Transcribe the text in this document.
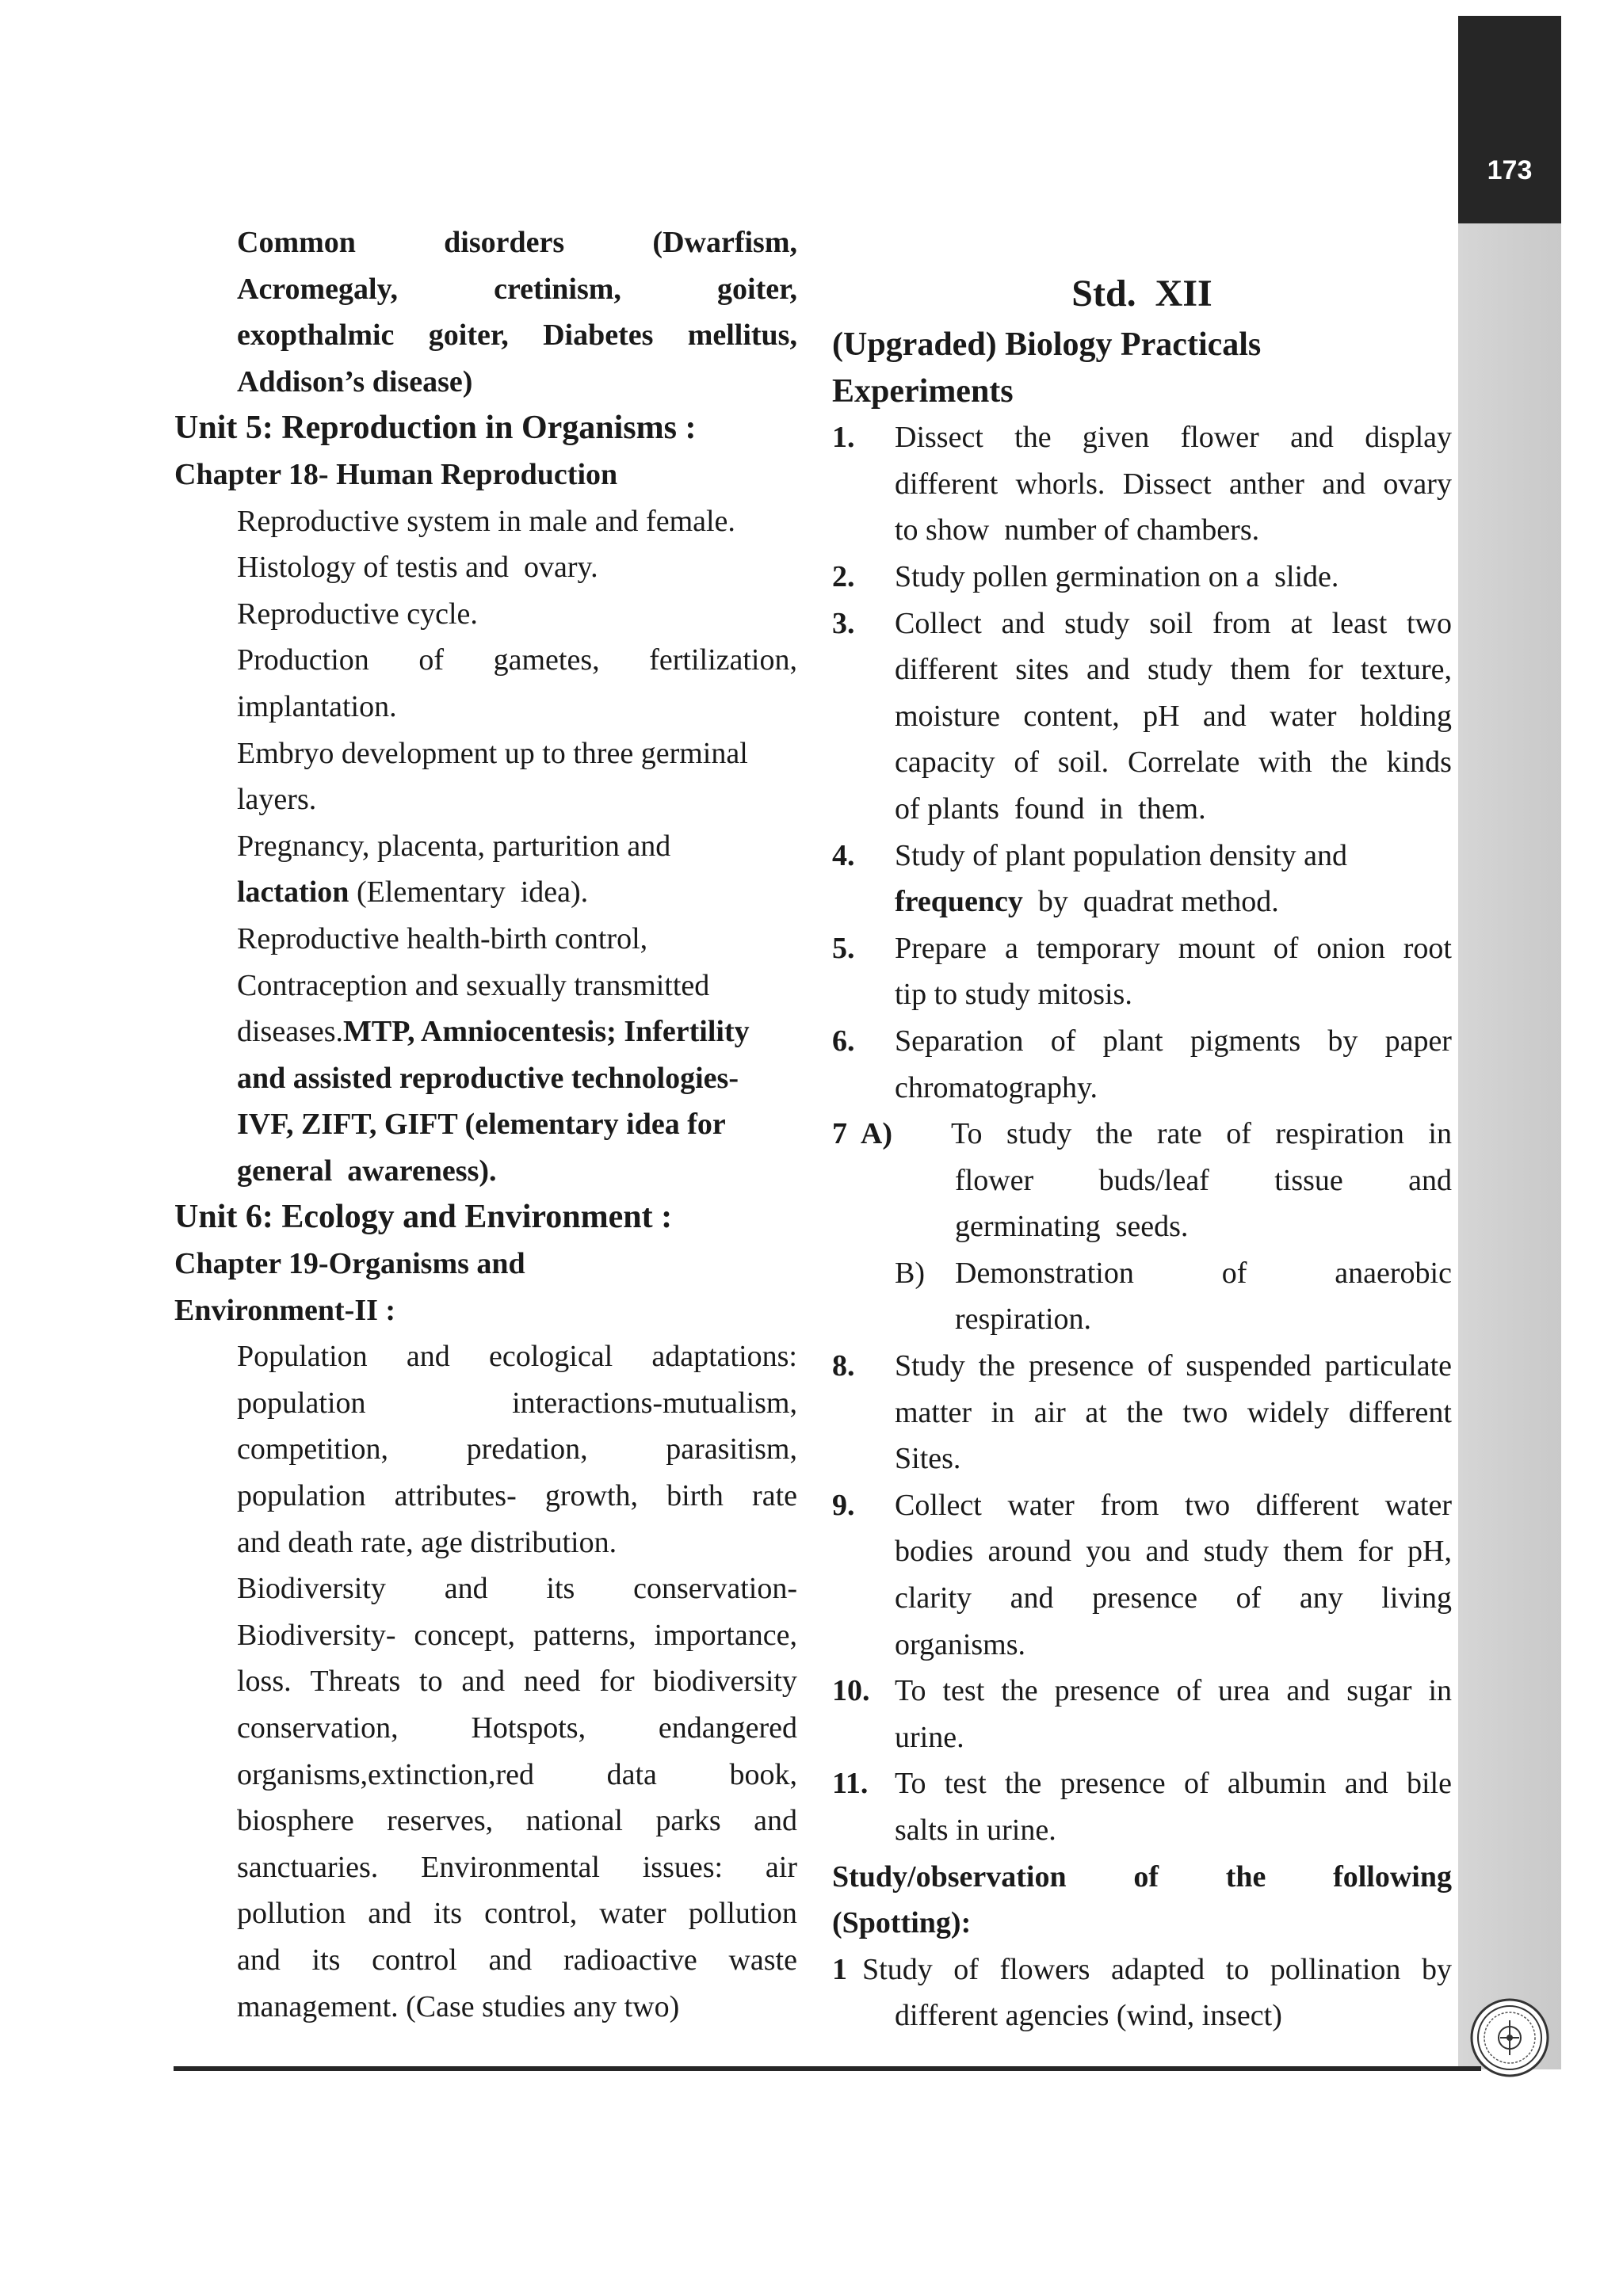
173
Common	disorders	(Dwarfism,
Acromegaly,	cretinism,	goiter,
exopthalmic goiter, Diabetes mellitus,
Addison’s disease)
Unit 5: Reproduction in Organisms :
Chapter 18- Human Reproduction
Reproductive system in male and female.
Histology of testis and  ovary.
Reproductive cycle.
Production of gametes, fertilization,
implantation.
Embryo development up to three germinal
layers.
Pregnancy, placenta, parturition and
lactation (Elementary  idea).
Reproductive health-birth control,
Contraception and sexually transmitted
diseases. MTP, Amniocentesis; Infertility
and assisted reproductive technologies-
IVF, ZIFT, GIFT (elementary idea for
general  awareness).
Unit 6: Ecology and Environment :
Chapter 19-Organisms and
Environment-II :
Population and ecological adaptations:
population	interactions-mutualism,
competition,	predation,	parasitism,
population attributes- growth, birth rate
and death rate, age distribution.
Biodiversity and its conservation-
Biodiversity- concept, patterns, importance,
loss. Threats to and need for biodiversity
conservation, Hotspots, endangered
organisms,extinction,red data book,
biosphere reserves, national parks and
sanctuaries. Environmental issues: air
pollution and its control, water pollution
and its control and radioactive waste
management. (Case studies any two)
Std.  XII
(Upgraded) Biology Practicals
Experiments
1.	Dissect the given flower and display
different whorls. Dissect anther and ovary
to show  number of chambers.
2.	Study pollen germination on a  slide.
3.	Collect and study soil from at least two
different sites and study them for texture,
moisture content, pH and water holding
capacity of soil. Correlate with the kinds
of plants  found  in  them.
4.	Study of plant population density and
frequency by  quadrat method.
5.	Prepare a temporary mount of onion root
tip to study mitosis.
6.	Separation of plant pigments by paper
chromatography.
7  A)	To study the rate of respiration in
flower buds/leaf tissue and
germinating  seeds.
B)	Demonstration	of	anaerobic
respiration.
8.	Study the presence of suspended particulate
matter in air at the two widely different
Sites.
9.	Collect water from two different water
bodies around you and study them for pH,
clarity and presence of any living
organisms.
10. To test the presence of urea and sugar in
urine.
11. To test the presence of albumin and bile
salts in urine.
Study/observation of the following
(Spotting):
1 Study of flowers adapted to pollination by
different agencies (wind, insect)
